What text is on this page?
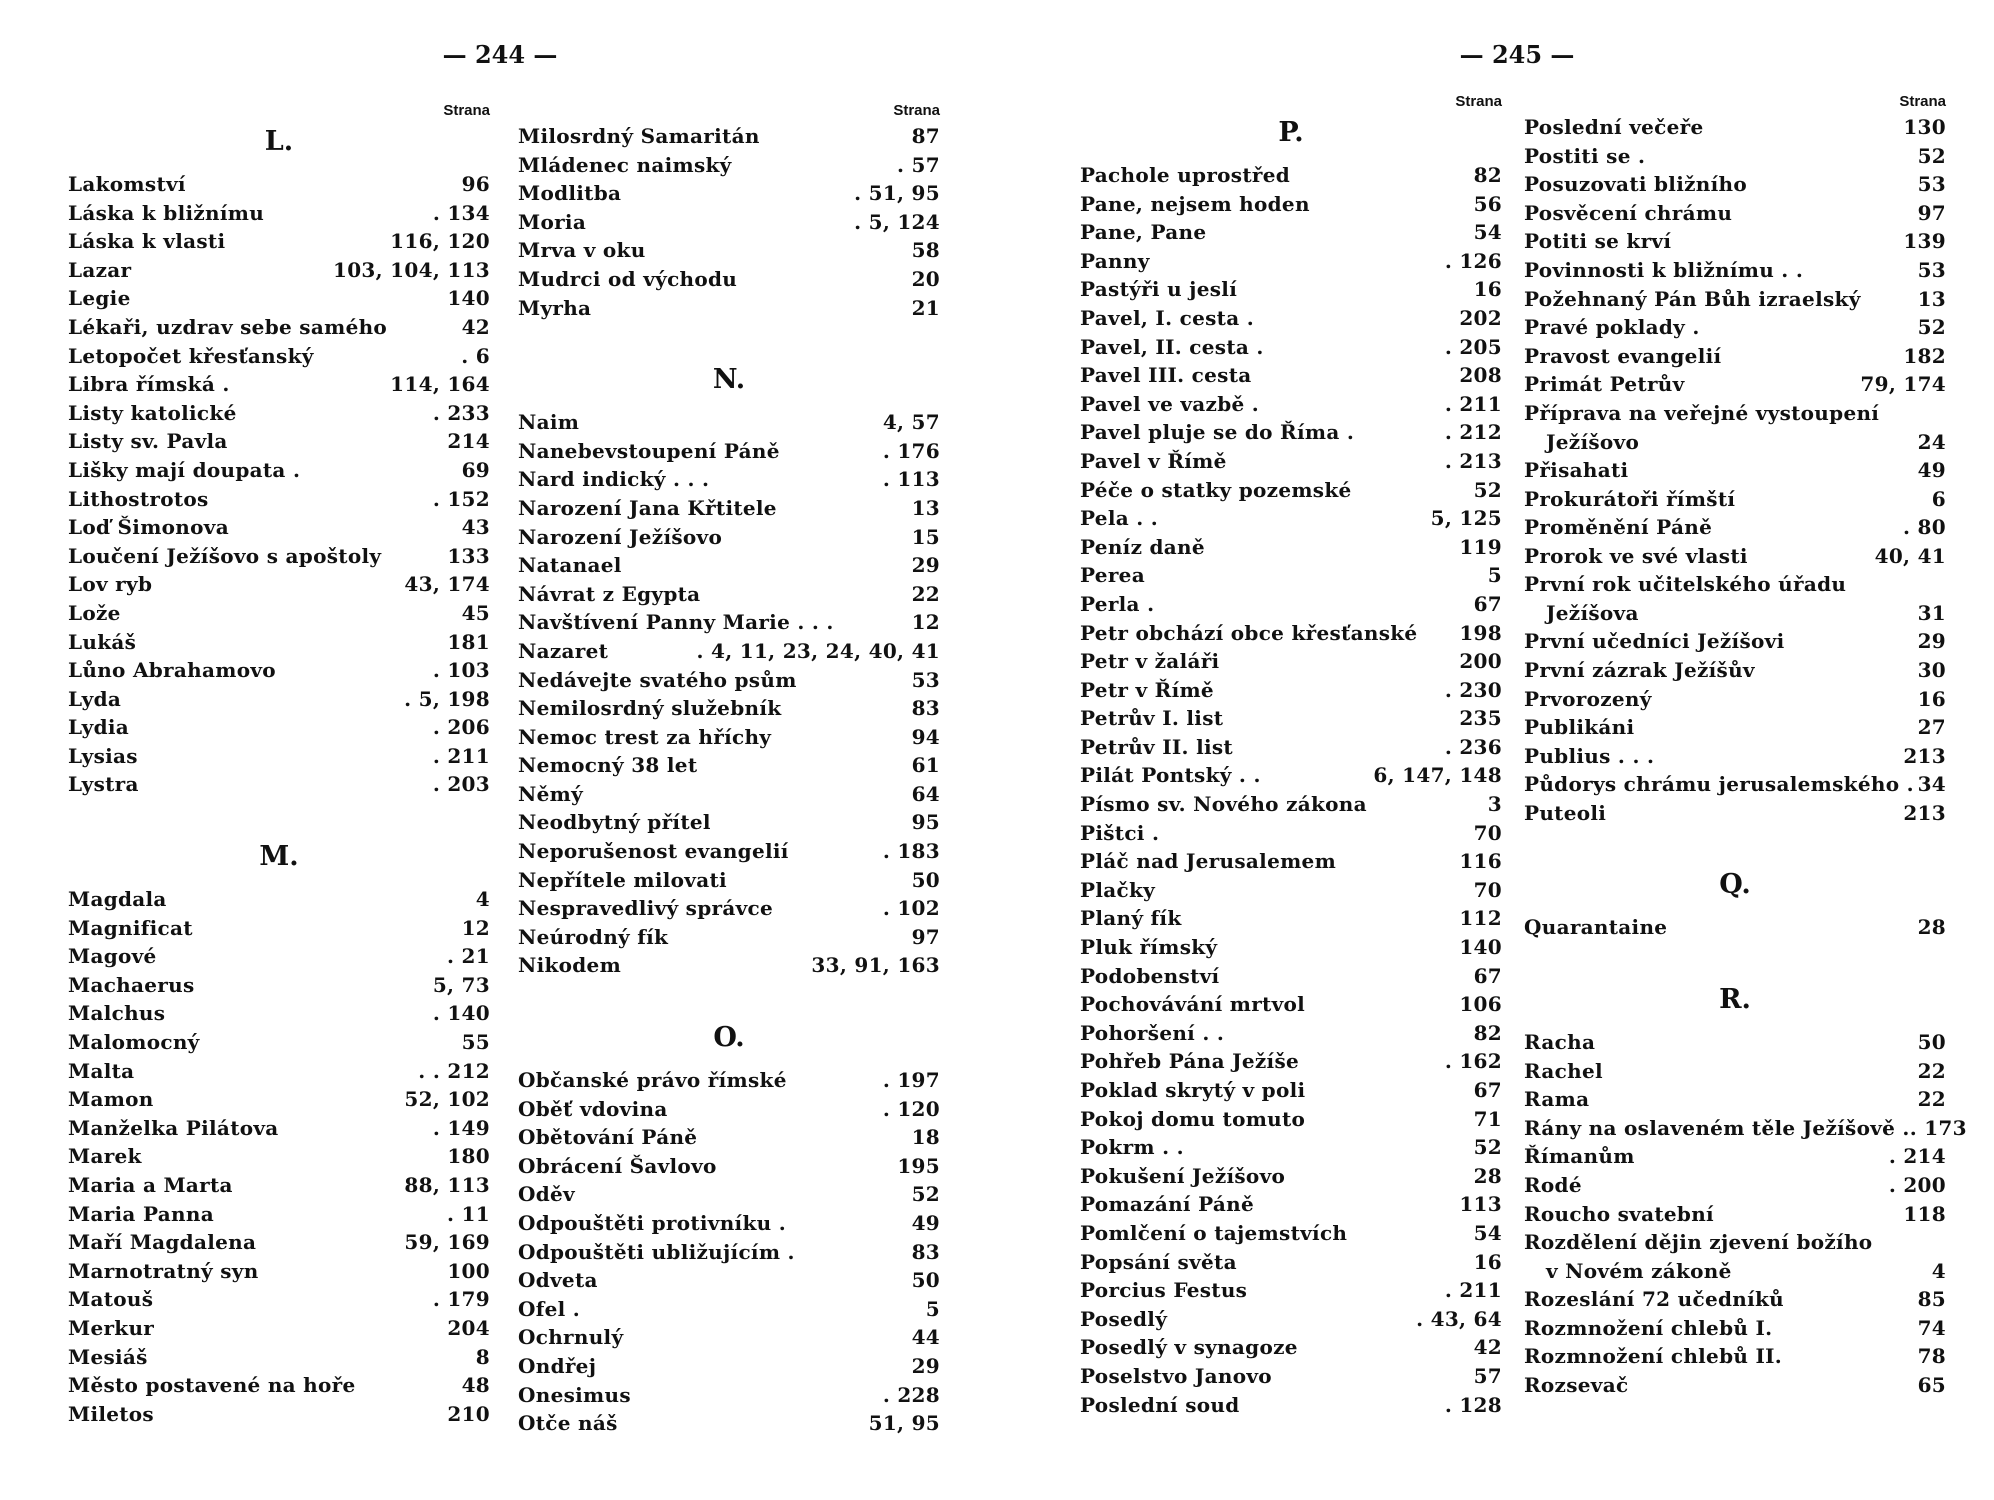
— 244 —
Strana
L.
Lakomství	96
Láska k bližnímu	. 134
Láska k vlasti	116, 120
Lazar	103, 104, 113
Legie	140
Lékaři, uzdrav sebe samého	42
Letopočet křesťanský	. 6
Libra římská .	114, 164
Listy katolické	. 233
Listy sv. Pavla	214
Lišky mají doupata .	69
Lithostrotos	. 152
Loď Šimonova	43
Loučení Ježíšovo s apoštoly	133
Lov ryb	43, 174
Lože	45
Lukáš	181
Lůno Abrahamovo	. 103
Lyda	. 5, 198
Lydia	. 206
Lysias	. 211
Lystra	. 203
M.
Magdala	4
Magnificat	12
Magové	. 21
Machaerus	5, 73
Malchus	. 140
Malomocný	55
Malta	. . 212
Mamon	52, 102
Manželka Pilátova	. 149
Marek	180
Maria a Marta	88, 113
Maria Panna	. 11
Maří Magdalena	59, 169
Marnotratný syn	100
Matouš	. 179
Merkur	204
Mesiáš	8
Město postavené na hoře	48
Miletos	210
Strana
Milosrdný Samaritán	87
Mládenec naimský	. 57
Modlitba	. 51, 95
Moria	. 5, 124
Mrva v oku	58
Mudrci od východu	20
Myrha	21
N.
Naim	4, 57
Nanebevstoupení Páně	. 176
Nard indický . . .	. 113
Narození Jana Křtitele	13
Narození Ježíšovo	15
Natanael	29
Návrat z Egypta	22
Navštívení Panny Marie . . .	12
Nazaret	. 4, 11, 23, 24, 40, 41
Nedávejte svatého psům	53
Nemilosrdný služebník	83
Nemoc trest za hříchy	94
Nemocný 38 let	61
Němý	64
Neodbytný přítel	95
Neporušenost evangelií	. 183
Nepřítele milovati	50
Nespravedlivý správce	. 102
Neúrodný fík	97
Nikodem	33, 91, 163
O.
Občanské právo římské	. 197
Oběť vdovina	. 120
Obětování Páně	18
Obrácení Šavlovo	195
Oděv	52
Odpouštěti protivníku .	49
Odpouštěti ubližujícím .	83
Odveta	50
Ofel .	5
Ochrnulý	44
Ondřej	29
Onesimus	. 228
Otče náš	51, 95
— 245 —
Strana
P.
Pachole uprostřed	82
Pane, nejsem hoden	56
Pane, Pane	54
Panny	. 126
Pastýři u jeslí	16
Pavel, I. cesta .	202
Pavel, II. cesta .	. 205
Pavel III. cesta	208
Pavel ve vazbě .	. 211
Pavel pluje se do Říma .	. 212
Pavel v Římě	. 213
Péče o statky pozemské	52
Pela . .	5, 125
Peníz daně	119
Perea	5
Perla .	67
Petr obchází obce křesťanské 198
Petr v žaláři	200
Petr v Římě	. 230
Petrův I. list	235
Petrův II. list	. 236
Pilát Pontský . .	6, 147, 148
Písmo sv. Nového zákona	3
Pištci .	70
Pláč nad Jerusalemem	116
Plačky	70
Planý fík	112
Pluk římský	140
Podobenství	67
Pochovávání mrtvol	106
Pohoršení . .	82
Pohřeb Pána Ježíše	. 162
Poklad skrytý v poli	67
Pokoj domu tomuto	71
Pokrm . .	52
Pokušení Ježíšovo	28
Pomazání Páně	113
Pomlčení o tajemstvích	54
Popsání světa	16
Porcius Festus	. 211
Posedlý	. 43, 64
Posedlý v synagoze	42
Poselstvo Janovo	57
Poslední soud	. 128
Strana
Poslední večeře	130
Postiti se .	52
Posuzovati bližního	53
Posvěcení chrámu	97
Potiti se krví	139
Povinnosti k bližnímu . .	53
Požehnaný Pán Bůh izraelský	13
Pravé poklady .	52
Pravost evangelií	182
Primát Petrův	79, 174
Příprava na veřejné vystoupení
Ježíšovo	24
Přisahati	49
Prokurátoři římští	6
Proměnění Páně	. 80
Prorok ve své vlasti	40, 41
První rok učitelského úřadu
Ježíšova	31
První učedníci Ježíšovi	29
První zázrak Ježíšův	30
Prvorozený	16
Publikáni	27
Publius . . .	213
Půdorys chrámu jerusalemského . 34
Puteoli	213
Q.
Quarantaine	28
R.
Racha	50
Rachel	22
Rama	22
Rány na oslaveném těle Ježíšově . . 173
Římanům	. 214
Rodé	. 200
Roucho svatební	118
Rozdělení dějin zjevení božího
v Novém zákoně	4
Rozeslání 72 učedníků	85
Rozmnožení chlebů I.	74
Rozmnožení chlebů II.	78
Rozsevač	65
